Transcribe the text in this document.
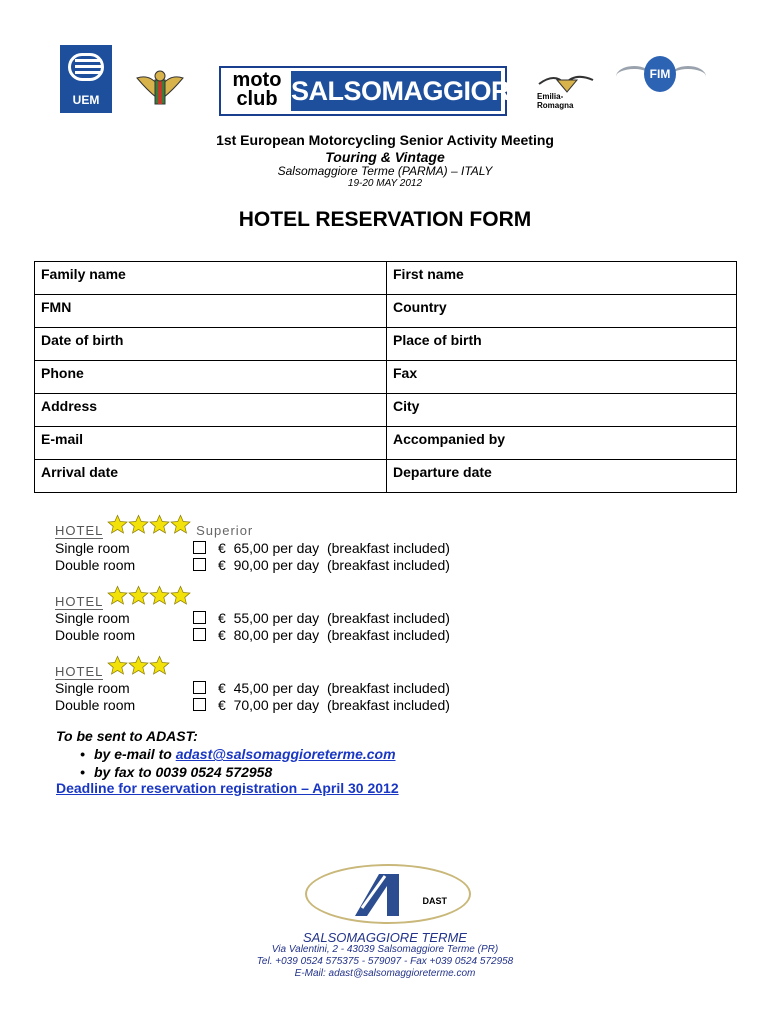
UEM
moto club SALSOMAGGIORE Emilia-Romagna
FIM
1st European Motorcycling Senior Activity Meeting
Touring & Vintage
Salsomaggiore Terme (PARMA) – ITALY
19-20 MAY 2012
HOTEL RESERVATION FORM
Family name	First name
FMN	Country
Date of birth	Place of birth
Phone	Fax
Address	City
E-mail	Accompanied by
Arrival date	Departure date
HOTEL	Superior
Single room	€  65,00 per day  (breakfast included)
Double room	€  90,00 per day  (breakfast included)
HOTEL
Single room	€  55,00 per day  (breakfast included)
Double room	€  80,00 per day  (breakfast included)
HOTEL
Single room	€  45,00 per day  (breakfast included)
Double room	€  70,00 per day  (breakfast included)
To be sent to ADAST:
• by e-mail to adast@salsomaggioreterme.com
• by fax to 0039 0524 572958
Deadline for reservation registration – April 30 2012
DAST
SALSOMAGGIORE TERME
Via Valentini, 2 - 43039 Salsomaggiore Terme (PR)
Tel. +039 0524 575375 - 579097 - Fax +039 0524 572958
E-Mail: adast@salsomaggioreterme.com
